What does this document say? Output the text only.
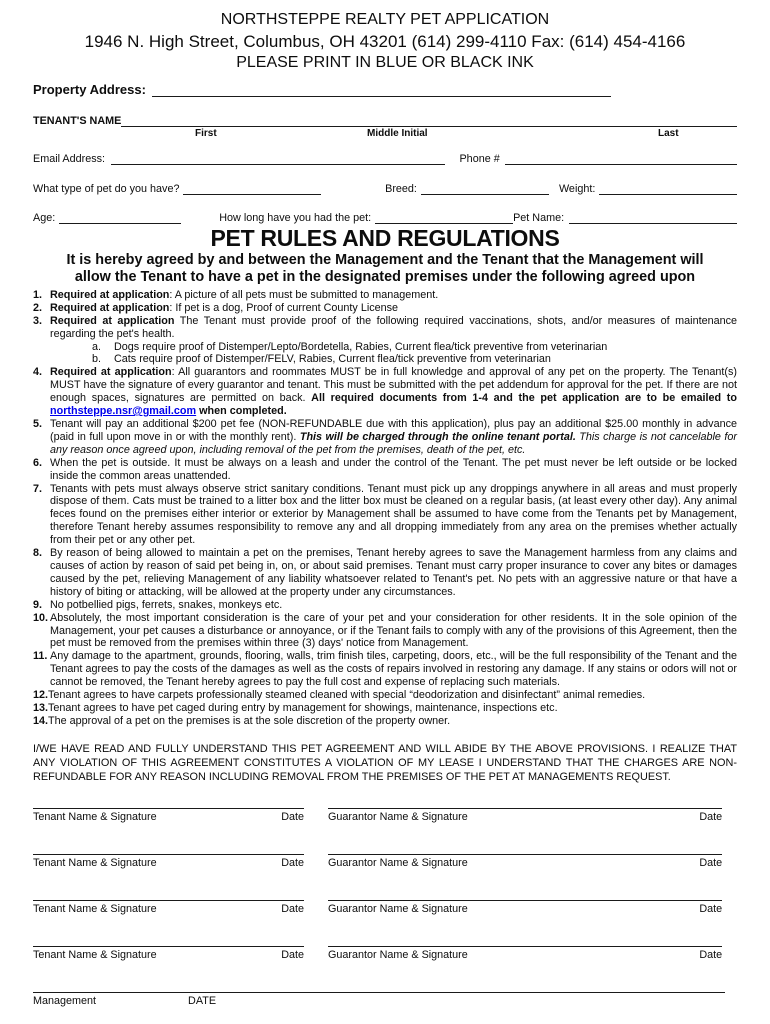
NORTHSTEPPE REALTY PET APPLICATION
1946 N. High Street, Columbus, OH 43201 (614) 299-4110 Fax: (614) 454-4166
PLEASE PRINT IN BLUE OR BLACK INK
Property Address:
TENANT'S NAME
First	Middle Initial	Last
Email Address:	Phone #
What type of pet do you have?	Breed:	Weight:
Age:	How long have you had the pet:	Pet Name:
PET RULES AND REGULATIONS
It is hereby agreed by and between the Management and the Tenant that the Management will allow the Tenant to have a pet in the designated premises under the following agreed upon
1. Required at application: A picture of all pets must be submitted to management.
2. Required at application: If pet is a dog, Proof of current County License
3. Required at application The Tenant must provide proof of the following required vaccinations, shots, and/or measures of maintenance regarding the pet's health.
a.	Dogs require proof of Distemper/Lepto/Bordetella, Rabies, Current flea/tick preventive from veterinarian
b.	Cats require proof of Distemper/FELV, Rabies, Current flea/tick preventive from veterinarian
4. Required at application: All guarantors and roommates MUST be in full knowledge and approval of any pet on the property. The Tenant(s) MUST have the signature of every guarantor and tenant. This must be submitted with the pet addendum for approval for the pet. If there are not enough spaces, signatures are permitted on back. All required documents from 1-4 and the pet application are to be emailed to northsteppe.nsr@gmail.com when completed.
5. Tenant will pay an additional $200 pet fee (NON-REFUNDABLE due with this application), plus pay an additional $25.00 monthly in advance (paid in full upon move in or with the monthly rent). This will be charged through the online tenant portal. This charge is not cancelable for any reason once agreed upon, including removal of the pet from the premises, death of the pet, etc.
6. When the pet is outside. It must be always on a leash and under the control of the Tenant. The pet must never be left outside or be locked inside the common areas unattended.
7. Tenants with pets must always observe strict sanitary conditions. Tenant must pick up any droppings anywhere in all areas and must properly dispose of them. Cats must be trained to a litter box and the litter box must be cleaned on a regular basis, (at least every other day). Any animal feces found on the premises either interior or exterior by Management shall be assumed to have come from the Tenants pet by Management, therefore Tenant hereby assumes responsibility to remove any and all dropping immediately from any area on the premises whether actually from their pet or any other pet.
8. By reason of being allowed to maintain a pet on the premises, Tenant hereby agrees to save the Management harmless from any claims and causes of action by reason of said pet being in, on, or about said premises. Tenant must carry proper insurance to cover any bites or damages caused by the pet, relieving Management of any liability whatsoever related to Tenant's pet. No pets with an aggressive nature or that have a history of biting or attacking, will be allowed at the property under any circumstances.
9. No potbellied pigs, ferrets, snakes, monkeys etc.
10. Absolutely, the most important consideration is the care of your pet and your consideration for other residents. It in the sole opinion of the Management, your pet causes a disturbance or annoyance, or if the Tenant fails to comply with any of the provisions of this Agreement, then the pet must be removed from the premises within three (3) days' notice from Management.
11. Any damage to the apartment, grounds, flooring, walls, trim finish tiles, carpeting, doors, etc., will be the full responsibility of the Tenant and the Tenant agrees to pay the costs of the damages as well as the costs of repairs involved in restoring any damage. If any stains or odors will not or cannot be removed, the Tenant hereby agrees to pay the full cost and expense of replacing such materials.
12.Tenant agrees to have carpets professionally steamed cleaned with special “deodorization and disinfectant” animal remedies.
13.Tenant agrees to have pet caged during entry by management for showings, maintenance, inspections etc.
14.The approval of a pet on the premises is at the sole discretion of the property owner.
I/WE HAVE READ AND FULLY UNDERSTAND THIS PET AGREEMENT AND WILL ABIDE BY THE ABOVE PROVISIONS. I REALIZE THAT ANY VIOLATION OF THIS AGREEMENT CONSTITUTES A VIOLATION OF MY LEASE I UNDERSTAND THAT THE CHARGES ARE NON-REFUNDABLE FOR ANY REASON INCLUDING REMOVAL FROM THE PREMISES OF THE PET AT MANAGEMENTS REQUEST.
Tenant Name & Signature	Date Guarantor Name & Signature	Date
Tenant Name & Signature	Date Guarantor Name & Signature	Date
Tenant Name & Signature	Date Guarantor Name & Signature	Date
Tenant Name & Signature	Date Guarantor Name & Signature	Date
Management	DATE
